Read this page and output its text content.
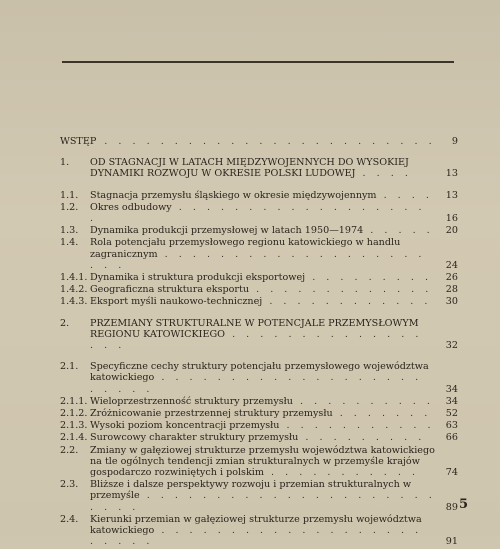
WSTĘP . . . . . . . . . . . . . . . . . . . . . . . .	9
1.	OD STAGNACJI W LATACH MIĘDZYWOJENNYCH DO WYSOKIEJ DYNAMIKI ROZWOJU W OKRESIE POLSKI LUDOWEJ . . . .	13
1.1.	Stagnacja przemysłu śląskiego w okresie międzywojennym . . . .	13
1.2.	Okres odbudowy . . . . . . . . . . . . . . . . . . .	16
1.3.	Dynamika produkcji przemysłowej w latach 1950—1974 . . . . .	20
1.4.	Rola potencjału przemysłowego regionu katowickiego w handlu zagranicznym . . . . . . . . . . . . . . . . . . . . . .	24
1.4.1. Dynamika i struktura produkcji eksportowej . . . . . . . . .	26
1.4.2. Geograficzna struktura eksportu . . . . . . . . . . . . .	28
1.4.3. Eksport myśli naukowo-technicznej . . . . . . . . . . . .	30
2.	PRZEMIANY STRUKTURALNE W POTENCJALE PRZEMYSŁOWYM REGIONU KATOWICKIEGO . . . . . . . . . . . . . . . . .	32
2.1.	Specyficzne cechy struktury potencjału przemysłowego województwa katowickiego . . . . . . . . . . . . . . . . . . . . . . . .	34
2.1.1. Wieloprzestrzenność struktury przemysłu . . . . . . . . . .	34
2.1.2. Zróżnicowanie przestrzennej struktury przemysłu . . . . . . .	52
2.1.3. Wysoki poziom koncentracji przemysłu . . . . . . . . . . .	63
2.1.4. Surowcowy charakter struktury przemysłu . . . . . . . . .	66
2.2.	Zmiany w gałęziowej strukturze przemysłu województwa katowickiego na tle ogólnych tendencji zmian strukturalnych w przemyśle krajów gospodarczo rozwiniętych i polskim . . . . . . . . . . .	74
2.3.	Bliższe i dalsze perspektywy rozwoju i przemian strukturalnych w przemyśle . . . . . . . . . . . . . . . . . . . . . . . . .	89
2.4.	Kierunki przemian w gałęziowej strukturze przemysłu województwa katowickiego . . . . . . . . . . . . . . . . . . . . . . . .	91
5
